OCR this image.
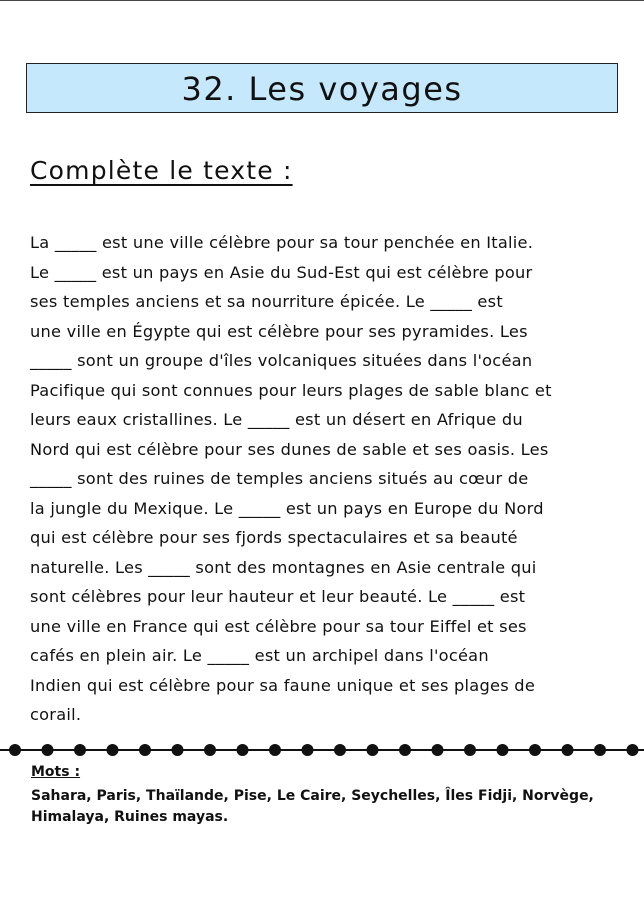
32. Les voyages
Complète le texte :
La _____ est une ville célèbre pour sa tour penchée en Italie.
Le _____ est un pays en Asie du Sud-Est qui est célèbre pour
ses temples anciens et sa nourriture épicée. Le _____ est
une ville en Égypte qui est célèbre pour ses pyramides. Les
_____ sont un groupe d'îles volcaniques situées dans l'océan
Pacifique qui sont connues pour leurs plages de sable blanc et
leurs eaux cristallines. Le _____ est un désert en Afrique du
Nord qui est célèbre pour ses dunes de sable et ses oasis. Les
_____ sont des ruines de temples anciens situés au cœur de
la jungle du Mexique. Le _____ est un pays en Europe du Nord
qui est célèbre pour ses fjords spectaculaires et sa beauté
naturelle. Les _____ sont des montagnes en Asie centrale qui
sont célèbres pour leur hauteur et leur beauté. Le _____ est
une ville en France qui est célèbre pour sa tour Eiffel et ses
cafés en plein air. Le _____ est un archipel dans l'océan
Indien qui est célèbre pour sa faune unique et ses plages de
corail.
Mots :
Sahara, Paris, Thaïlande, Pise, Le Caire, Seychelles, Îles Fidji, Norvège,
Himalaya, Ruines mayas.
